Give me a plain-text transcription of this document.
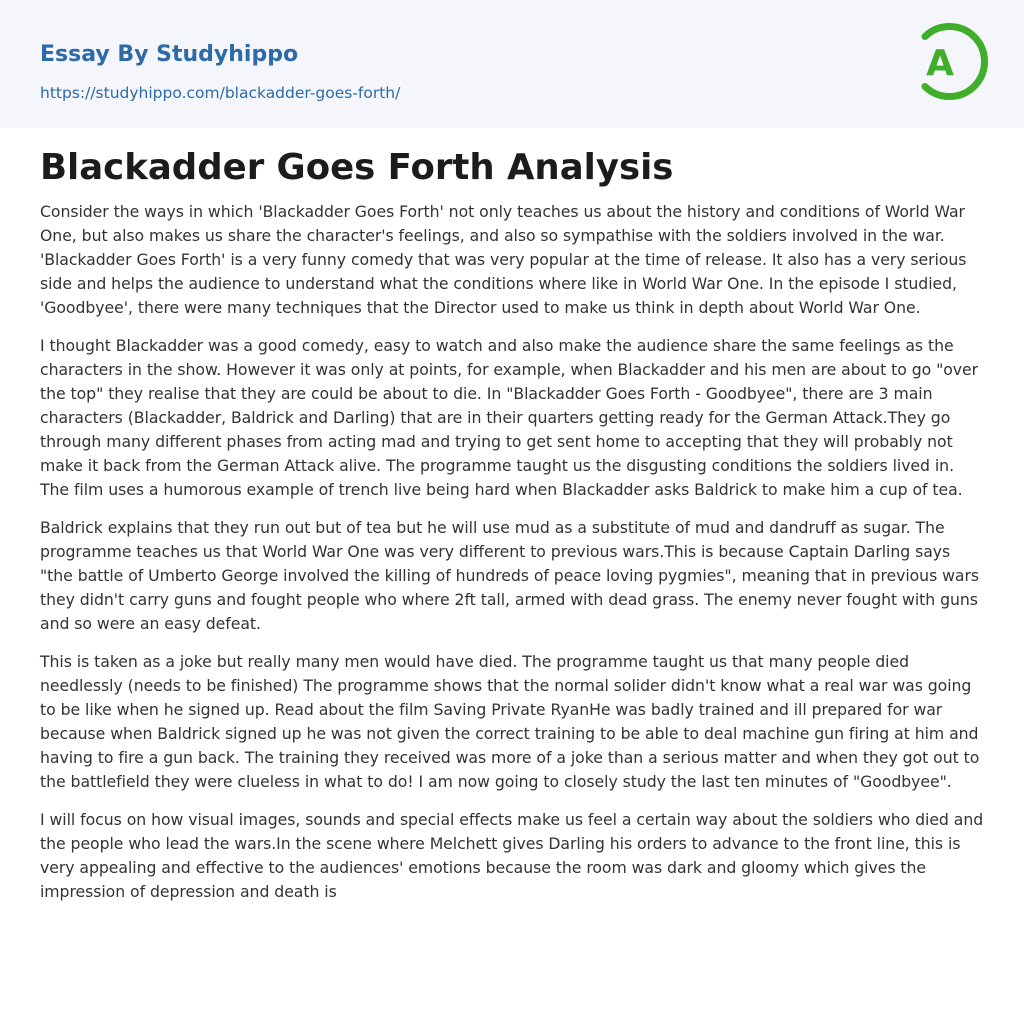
Essay By Studyhippo
https://studyhippo.com/blackadder-goes-forth/
A
Blackadder Goes Forth Analysis

Consider the ways in which 'Blackadder Goes Forth' not only teaches us about the history and conditions of World War One, but also makes us share the character's feelings, and also so sympathise with the soldiers involved in the war. 'Blackadder Goes Forth' is a very funny comedy that was very popular at the time of release. It also has a very serious side and helps the audience to understand what the conditions where like in World War One. In the episode I studied, 'Goodbyee', there were many techniques that the Director used to make us think in depth about World War One.

I thought Blackadder was a good comedy, easy to watch and also make the audience share the same feelings as the characters in the show. However it was only at points, for example, when Blackadder and his men are about to go "over the top" they realise that they are could be about to die. In "Blackadder Goes Forth - Goodbyee", there are 3 main characters (Blackadder, Baldrick and Darling) that are in their quarters getting ready for the German Attack.They go through many different phases from acting mad and trying to get sent home to accepting that they will probably not make it back from the German Attack alive. The programme taught us the disgusting conditions the soldiers lived in. The film uses a humorous example of trench live being hard when Blackadder asks Baldrick to make him a cup of tea.

Baldrick explains that they run out but of tea but he will use mud as a substitute of mud and dandruff as sugar. The programme teaches us that World War One was very different to previous wars.This is because Captain Darling says "the battle of Umberto George involved the killing of hundreds of peace loving pygmies", meaning that in previous wars they didn't carry guns and fought people who where 2ft tall, armed with dead grass. The enemy never fought with guns and so were an easy defeat.

This is taken as a joke but really many men would have died. The programme taught us that many people died needlessly (needs to be finished) The programme shows that the normal solider didn't know what a real war was going to be like when he signed up. Read about the film Saving Private RyanHe was badly trained and ill prepared for war because when Baldrick signed up he was not given the correct training to be able to deal machine gun firing at him and having to fire a gun back. The training they received was more of a joke than a serious matter and when they got out to the battlefield they were clueless in what to do! I am now going to closely study the last ten minutes of "Goodbyee".

I will focus on how visual images, sounds and special effects make us feel a certain way about the soldiers who died and the people who lead the wars.In the scene where Melchett gives Darling his orders to advance to the front line, this is very appealing and effective to the audiences' emotions because the room was dark and gloomy which gives the impression of depression and death is
